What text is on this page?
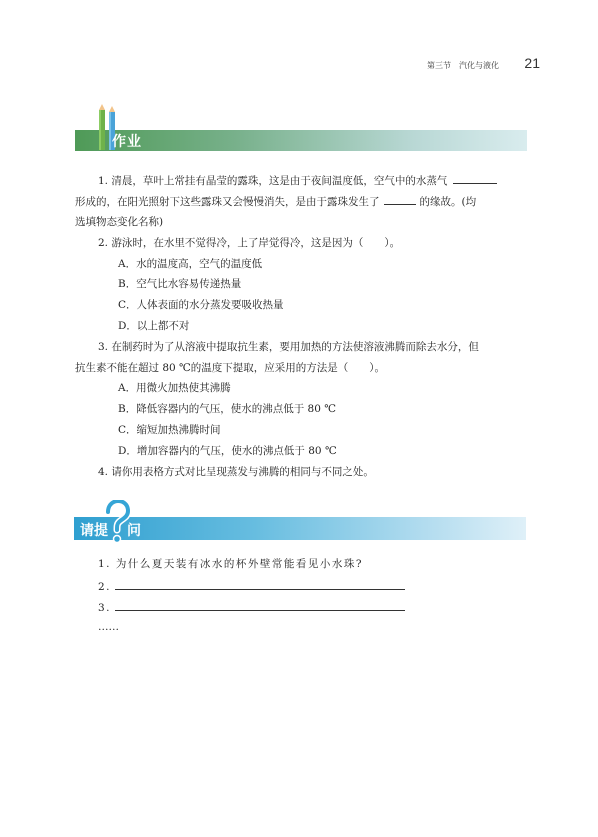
第三节　汽化与液化 21
作业
1. 清晨，草叶上常挂有晶莹的露珠，这是由于夜间温度低，空气中的水蒸气
形成的，在阳光照射下这些露珠又会慢慢消失，是由于露珠发生了	的缘故。(均
选填物态变化名称)
2. 游泳时，在水里不觉得冷，上了岸觉得冷，这是因为（　　）。
A．水的温度高，空气的温度低
B．空气比水容易传递热量
C．人体表面的水分蒸发要吸收热量
D．以上都不对
3. 在制药时为了从溶液中提取抗生素，要用加热的方法使溶液沸腾而除去水分，但
抗生素不能在超过 80 ℃的温度下提取，应采用的方法是（　　）。
A．用微火加热使其沸腾
B．降低容器内的气压，使水的沸点低于 80 ℃
C．缩短加热沸腾时间
D．增加容器内的气压，使水的沸点低于 80 ℃
4. 请你用表格方式对比呈现蒸发与沸腾的相同与不同之处。
请提 问
1. 为什么夏天装有冰水的杯外壁常能看见小水珠?
2.
3.
……
